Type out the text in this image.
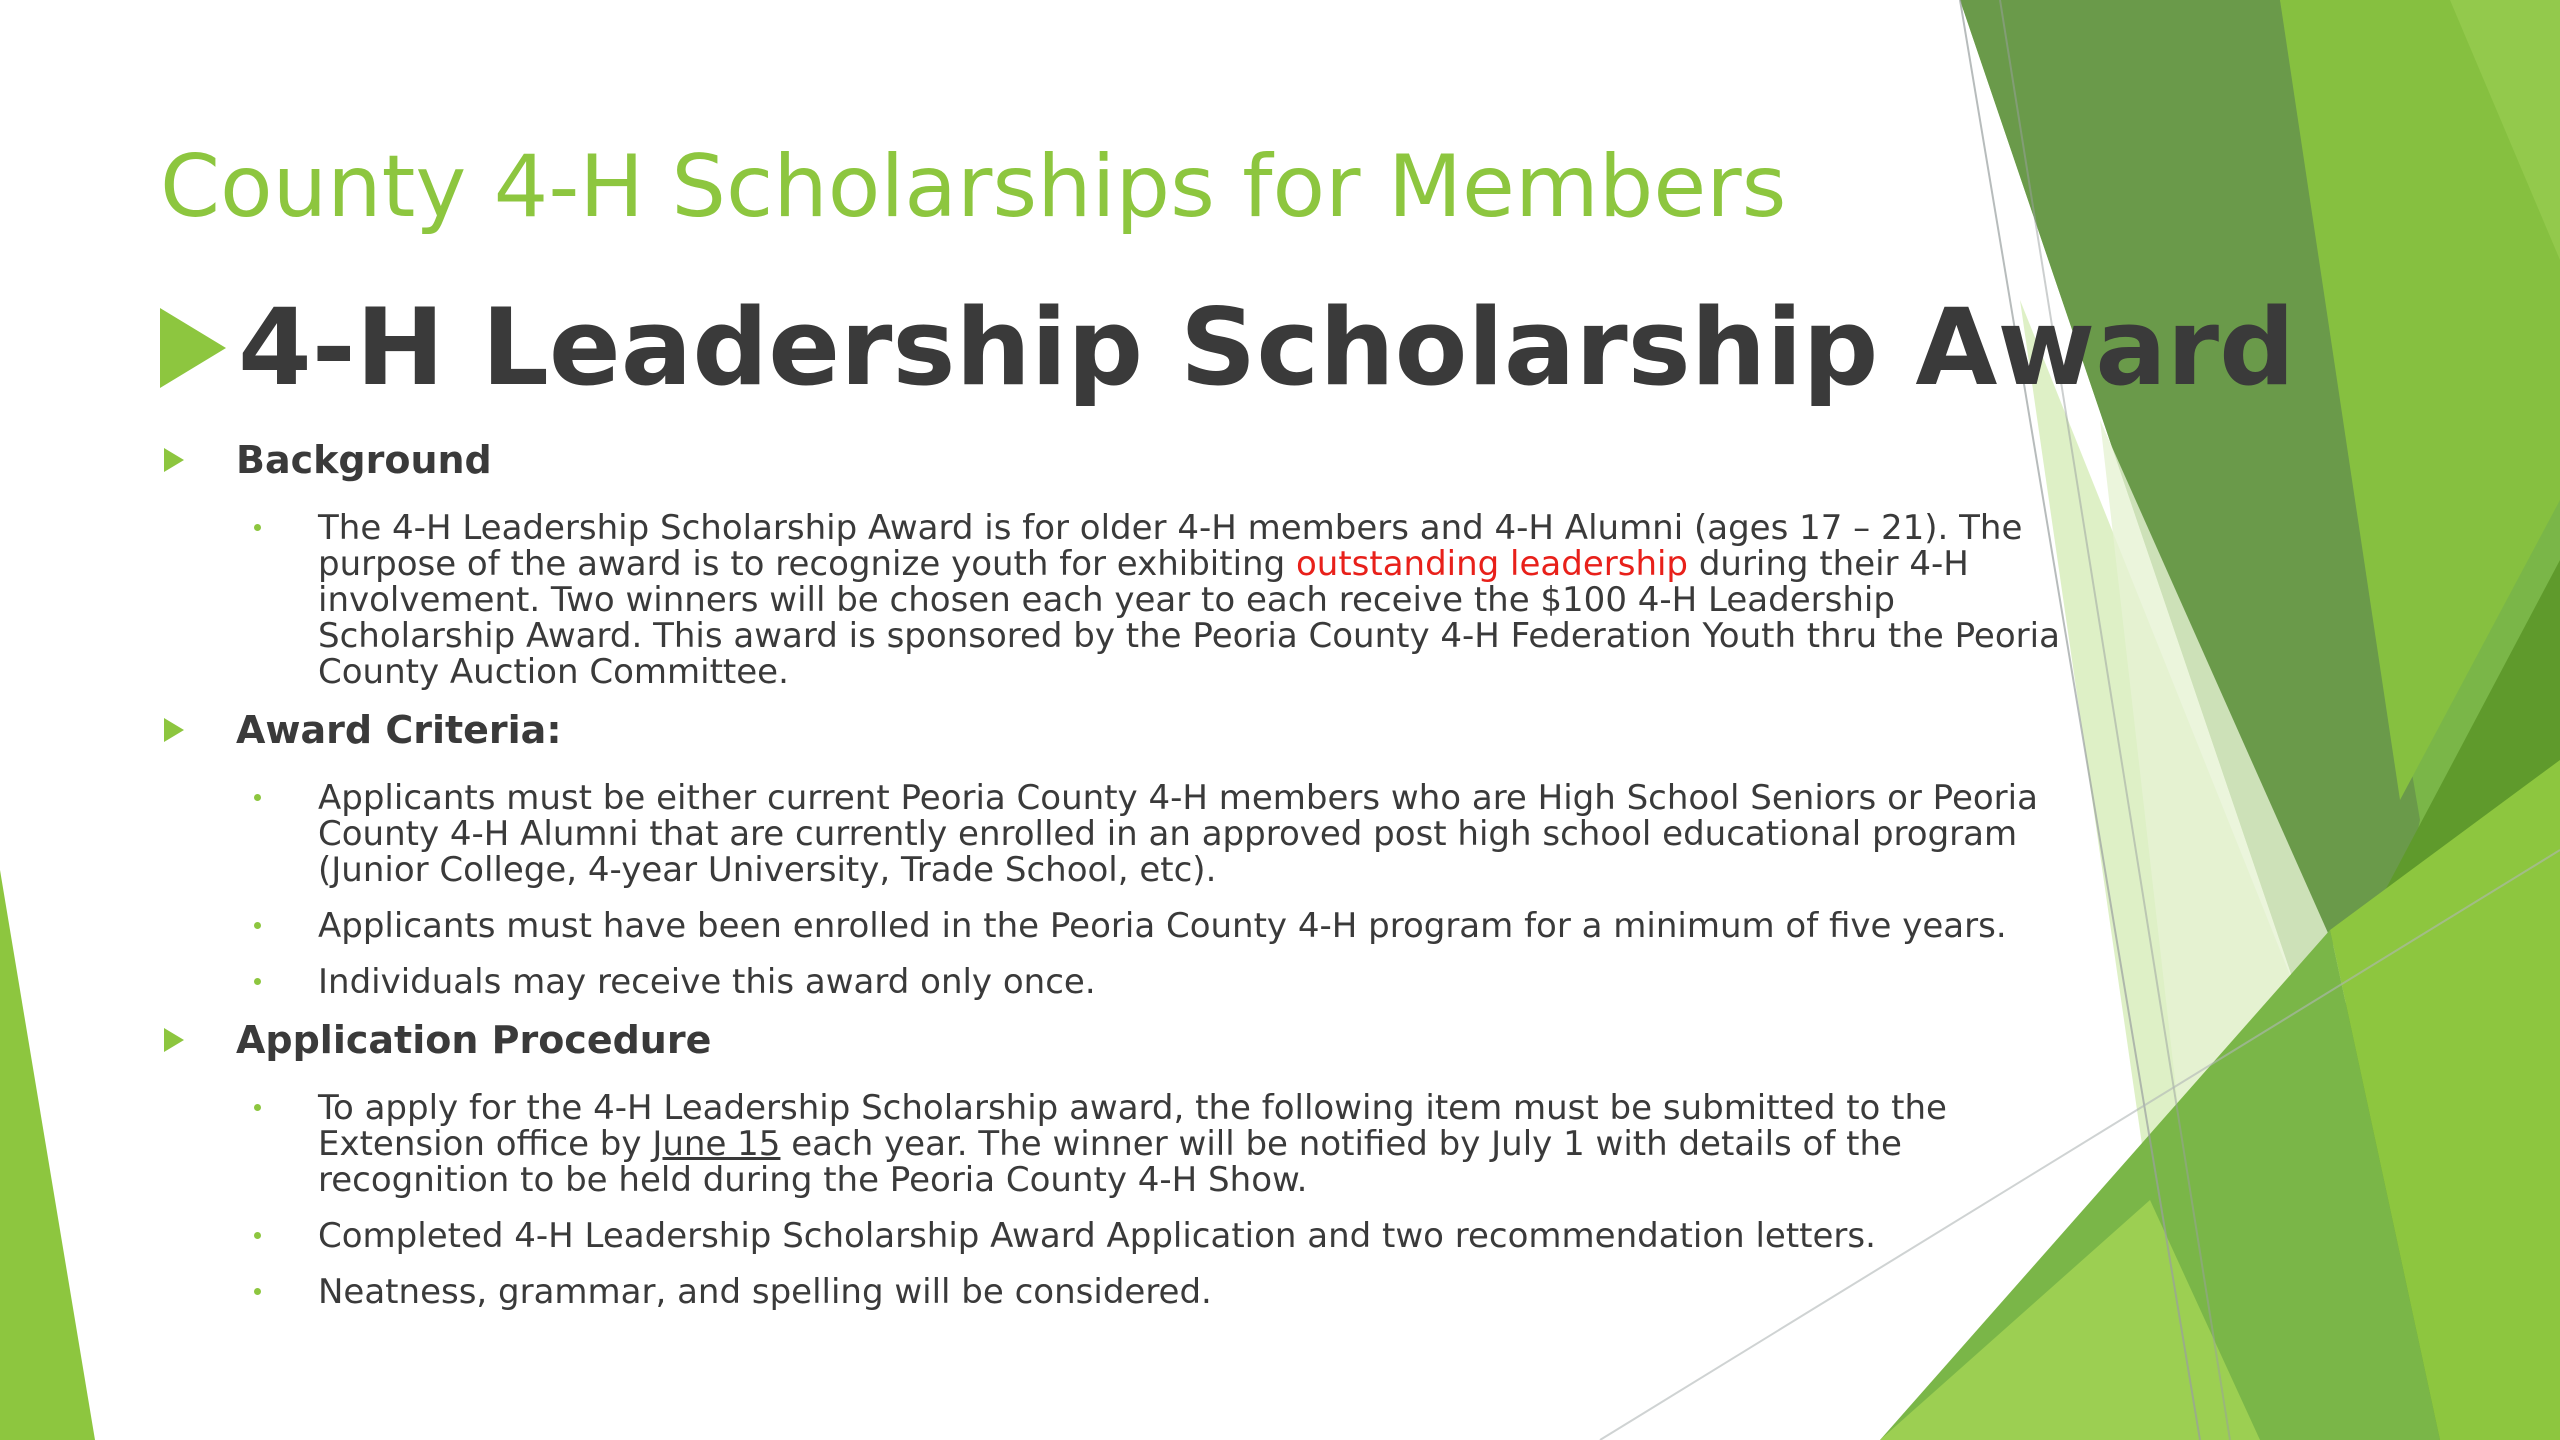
County 4-H Scholarships for Members
4-H Leadership Scholarship Award
Background
The 4-H Leadership Scholarship Award is for older 4-H members and 4-H Alumni (ages 17 – 21). The purpose of the award is to recognize youth for exhibiting outstanding leadership during their 4-H involvement. Two winners will be chosen each year to each receive the $100 4-H Leadership Scholarship Award. This award is sponsored by the Peoria County 4-H Federation Youth thru the Peoria County Auction Committee.
Award Criteria:
Applicants must be either current Peoria County 4-H members who are High School Seniors or Peoria County 4-H Alumni that are currently enrolled in an approved post high school educational program (Junior College, 4-year University, Trade School, etc).
Applicants must have been enrolled in the Peoria County 4-H program for a minimum of five years.
Individuals may receive this award only once.
Application Procedure
To apply for the 4-H Leadership Scholarship award, the following item must be submitted to the Extension office by June 15 each year. The winner will be notified by July 1 with details of the recognition to be held during the Peoria County 4-H Show.
Completed 4-H Leadership Scholarship Award Application and two recommendation letters.
Neatness, grammar, and spelling will be considered.
